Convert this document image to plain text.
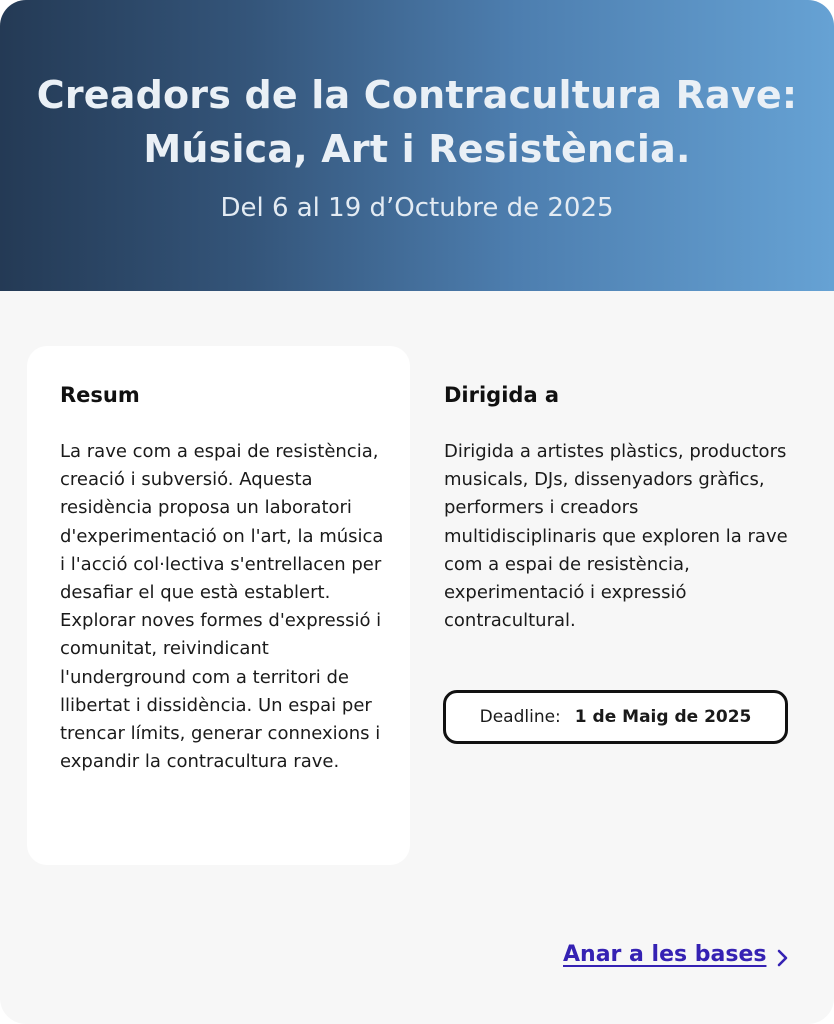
Creadors de la Contracultura Rave:
Música, Art i Resistència.

Del 6 al 19 d’Octubre de 2025

Resum

La rave com a espai de resistència, creació i subversió. Aquesta residència proposa un laboratori d'experimentació on l'art, la música i l'acció col·lectiva s'entrellacen per desafiar el que està establert. Explorar noves formes d'expressió i comunitat, reivindicant l'underground com a territori de llibertat i dissidència. Un espai per trencar límits, generar connexions i expandir la contracultura rave.

Dirigida a

Dirigida a artistes plàstics, productors musicals, DJs, dissenyadors gràfics, performers i creadors multidisciplinaris que exploren la rave com a espai de resistència, experimentació i expressió contracultural.

Deadline: 1 de Maig de 2025
Anar a les bases
